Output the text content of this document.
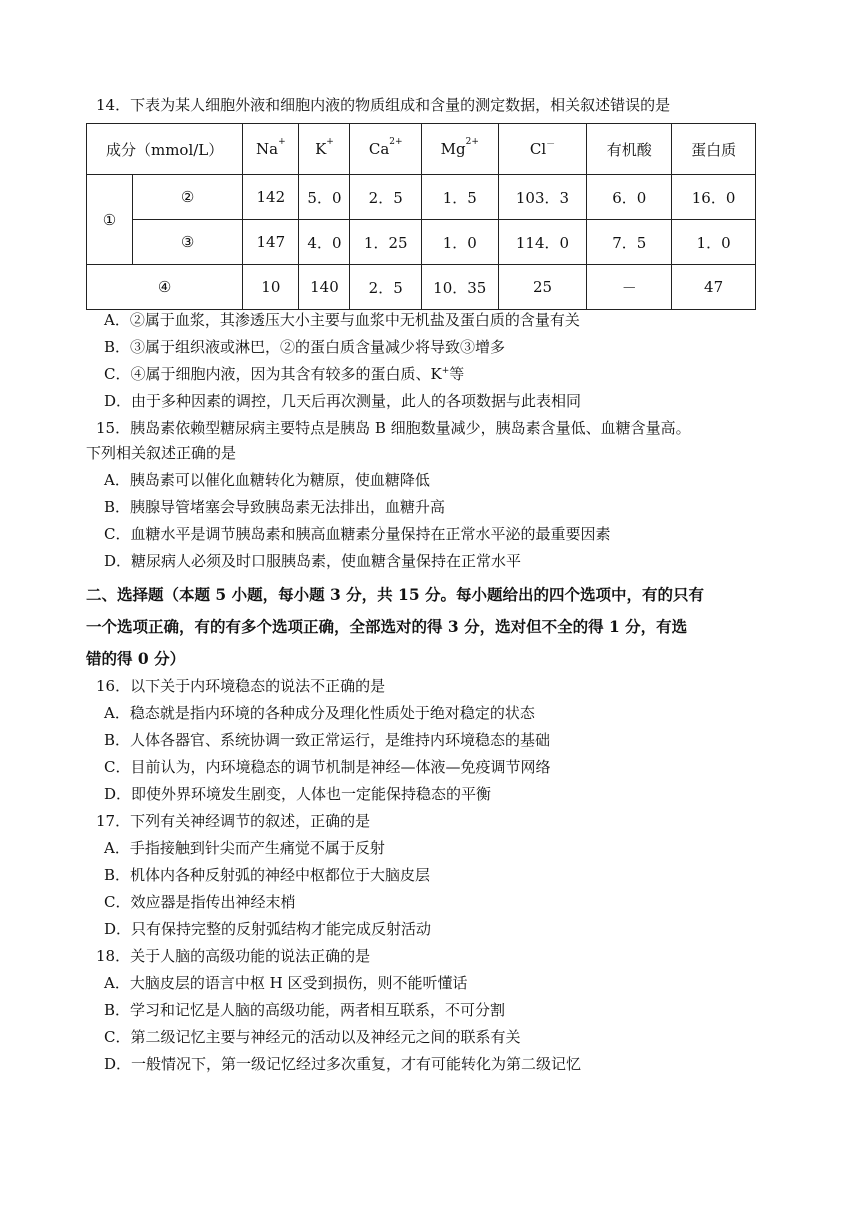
14．下表为某人细胞外液和细胞内液的物质组成和含量的测定数据，相关叙述错误的是
成分（mmol/L）		Na+	K+	$Ca^{2+}$	$Mg^{2+}$	Cl－	有机酸	蛋白质
①	②	142	5．0	2．5	1．5	103．3	6．0	16．0
	③	147	4．0	1．25	1．0	114．0	7．5	1．0
④		10	140	2．5	10．35	25	－	47
A．②属于血浆，其渗透压大小主要与血浆中无机盐及蛋白质的含量有关
B．③属于组织液或淋巴，②的蛋白质含量减少将导致③增多
C．④属于细胞内液，因为其含有较多的蛋白质、K+等
D．由于多种因素的调控，几天后再次测量，此人的各项数据与此表相同
15．胰岛素依赖型糖尿病主要特点是胰岛 B 细胞数量减少，胰岛素含量低、血糖含量高。
下列相关叙述正确的是
A．胰岛素可以催化血糖转化为糖原，使血糖降低
B．胰腺导管堵塞会导致胰岛素无法排出，血糖升高
C．血糖水平是调节胰岛素和胰高血糖素分量保持在正常水平泌的最重要因素
D．糖尿病人必须及时口服胰岛素，使血糖含量保持在正常水平
二、选择题（本题 5 小题，每小题 3 分，共 15 分。每小题给出的四个选项中，有的只有
一个选项正确，有的有多个选项正确，全部选对的得 3 分，选对但不全的得 1 分，有选
错的得 0 分）
16．以下关于内环境稳态的说法不正确的是
A．稳态就是指内环境的各种成分及理化性质处于绝对稳定的状态
B．人体各器官、系统协调一致正常运行，是维持内环境稳态的基础
C．目前认为，内环境稳态的调节机制是神经—体液—免疫调节网络
D．即使外界环境发生剧变，人体也一定能保持稳态的平衡
17．下列有关神经调节的叙述，正确的是
A．手指接触到针尖而产生痛觉不属于反射
B．机体内各种反射弧的神经中枢都位于大脑皮层
C．效应器是指传出神经末梢
D．只有保持完整的反射弧结构才能完成反射活动
18．关于人脑的高级功能的说法正确的是
A．大脑皮层的语言中枢 H 区受到损伤，则不能听懂话
B．学习和记忆是人脑的高级功能，两者相互联系，不可分割
C．第二级记忆主要与神经元的活动以及神经元之间的联系有关
D．一般情况下，第一级记忆经过多次重复，才有可能转化为第二级记忆
